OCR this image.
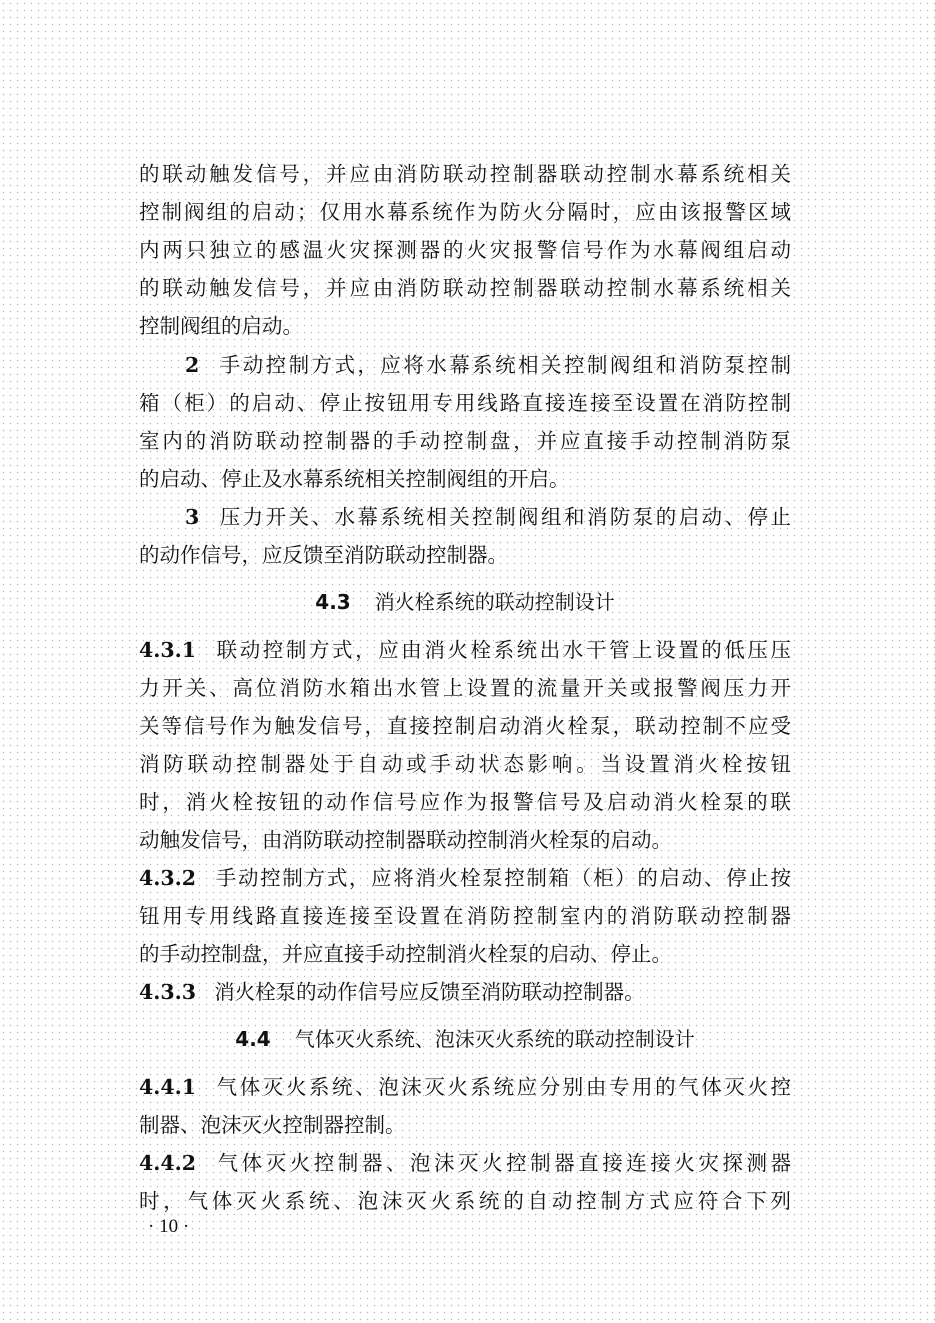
的联动触发信号，并应由消防联动控制器联动控制水幕系统相关
控制阀组的启动；仅用水幕系统作为防火分隔时，应由该报警区域
内两只独立的感温火灾探测器的火灾报警信号作为水幕阀组启动
的联动触发信号，并应由消防联动控制器联动控制水幕系统相关
控制阀组的启动。
2 手动控制方式，应将水幕系统相关控制阀组和消防泵控制
箱（柜）的启动、停止按钮用专用线路直接连接至设置在消防控制
室内的消防联动控制器的手动控制盘，并应直接手动控制消防泵
的启动、停止及水幕系统相关控制阀组的开启。
3 压力开关、水幕系统相关控制阀组和消防泵的启动、停止
的动作信号，应反馈至消防联动控制器。
4.3 消火栓系统的联动控制设计
4.3.1 联动控制方式，应由消火栓系统出水干管上设置的低压压
力开关、高位消防水箱出水管上设置的流量开关或报警阀压力开
关等信号作为触发信号，直接控制启动消火栓泵，联动控制不应受
消防联动控制器处于自动或手动状态影响。当设置消火栓按钮
时，消火栓按钮的动作信号应作为报警信号及启动消火栓泵的联
动触发信号，由消防联动控制器联动控制消火栓泵的启动。
4.3.2 手动控制方式，应将消火栓泵控制箱（柜）的启动、停止按
钮用专用线路直接连接至设置在消防控制室内的消防联动控制器
的手动控制盘，并应直接手动控制消火栓泵的启动、停止。
4.3.3 消火栓泵的动作信号应反馈至消防联动控制器。
4.4 气体灭火系统、泡沫灭火系统的联动控制设计
4.4.1 气体灭火系统、泡沫灭火系统应分别由专用的气体灭火控
制器、泡沫灭火控制器控制。
4.4.2 气体灭火控制器、泡沫灭火控制器直接连接火灾探测器
时，气体灭火系统、泡沫灭火系统的自动控制方式应符合下列
· 10 ·
